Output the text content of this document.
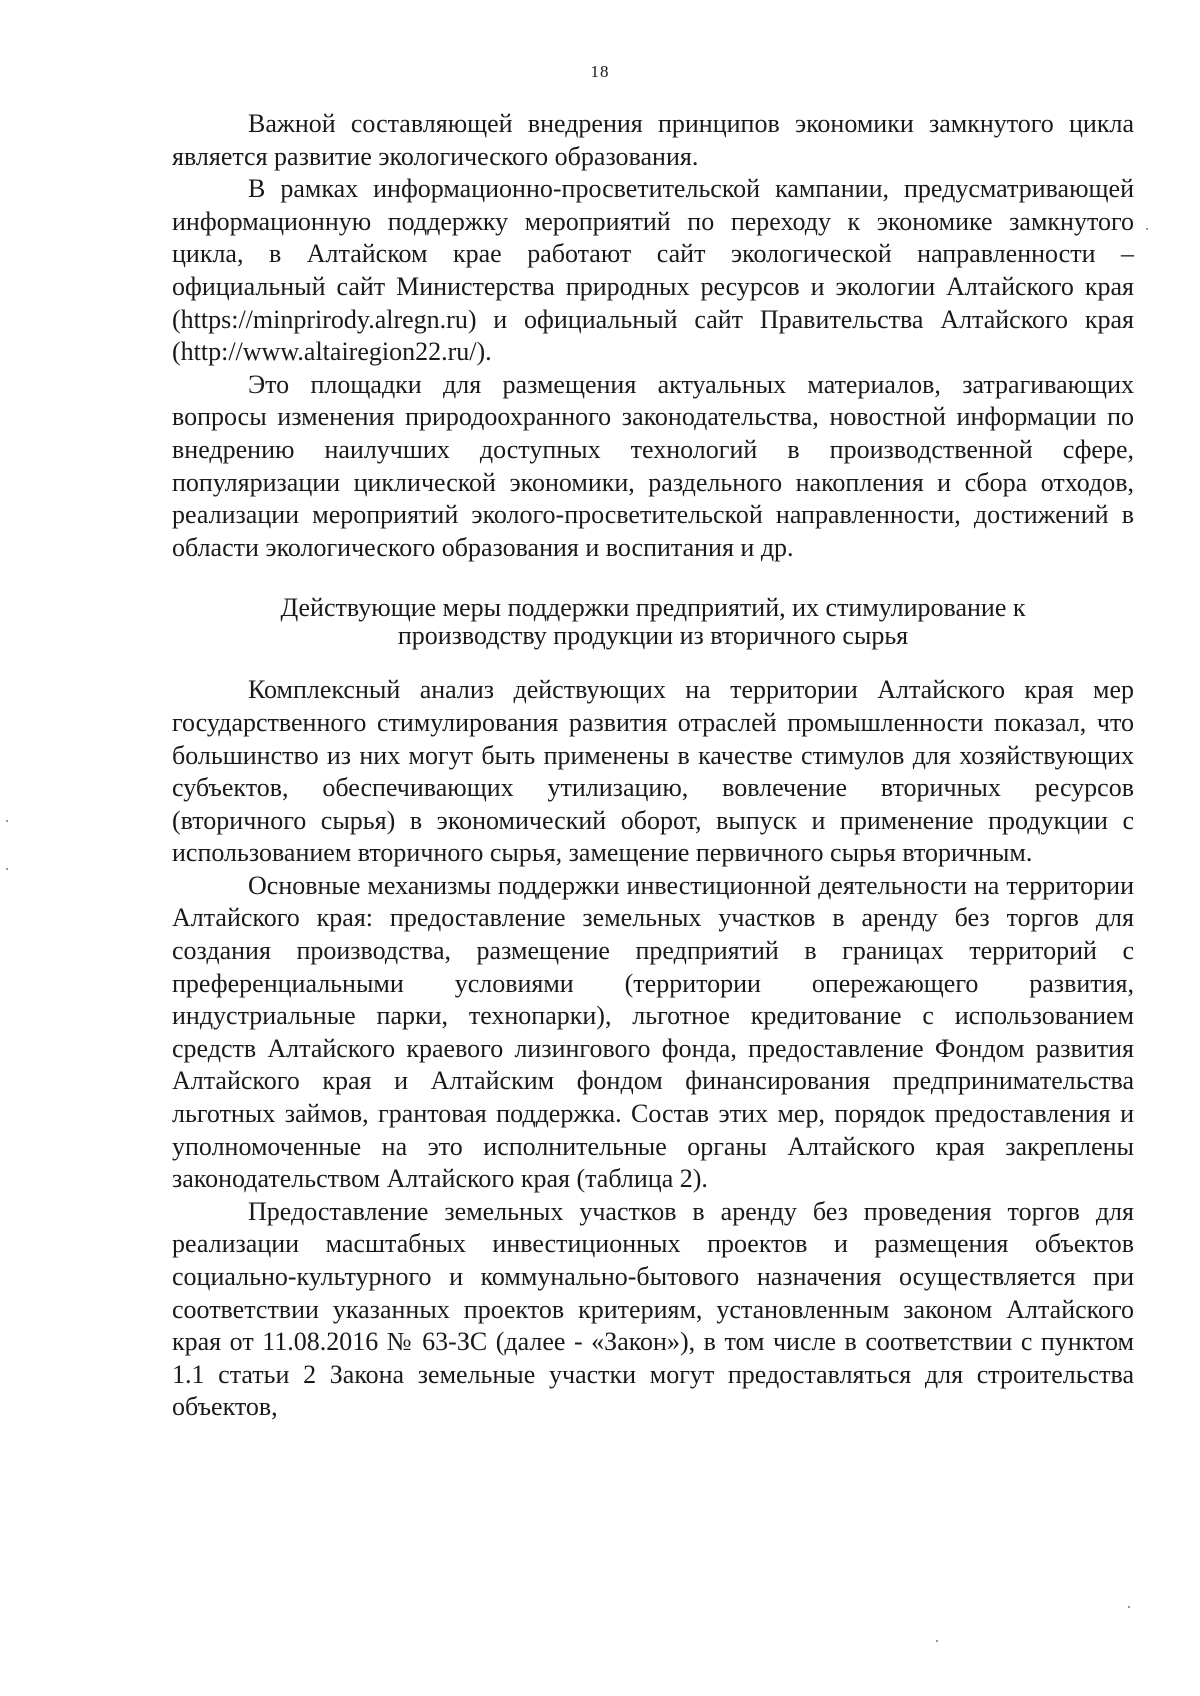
18

Важной составляющей внедрения принципов экономики замкнутого цикла является развитие экологического образования.

В рамках информационно-просветительской кампании, предусматривающей информационную поддержку мероприятий по переходу к экономике замкнутого цикла, в Алтайском крае работают сайт экологической направленности – официальный сайт Министерства природных ресурсов и экологии Алтайского края (https://minprirody.alregn.ru) и официальный сайт Правительства Алтайского края (http://www.altairegion22.ru/).

Это площадки для размещения актуальных материалов, затрагивающих вопросы изменения природоохранного законодательства, новостной информации по внедрению наилучших доступных технологий в производственной сфере, популяризации циклической экономики, раздельного накопления и сбора отходов, реализации мероприятий эколого-просветительской направленности, достижений в области экологического образования и воспитания и др.

Действующие меры поддержки предприятий, их стимулирование к
производству продукции из вторичного сырья

Комплексный анализ действующих на территории Алтайского края мер государственного стимулирования развития отраслей промышленности показал, что большинство из них могут быть применены в качестве стимулов для хозяйствующих субъектов, обеспечивающих утилизацию, вовлечение вторичных ресурсов (вторичного сырья) в экономический оборот, выпуск и применение продукции с использованием вторичного сырья, замещение первичного сырья вторичным.

Основные механизмы поддержки инвестиционной деятельности на территории Алтайского края: предоставление земельных участков в аренду без торгов для создания производства, размещение предприятий в границах территорий с преференциальными условиями (территории опережающего развития, индустриальные парки, технопарки), льготное кредитование с использованием средств Алтайского краевого лизингового фонда, предоставление Фондом развития Алтайского края и Алтайским фондом финансирования предпринимательства льготных займов, грантовая поддержка. Состав этих мер, порядок предоставления и уполномоченные на это исполнительные органы Алтайского края закреплены законодательством Алтайского края (таблица 2).

Предоставление земельных участков в аренду без проведения торгов для реализации масштабных инвестиционных проектов и размещения объектов социально-культурного и коммунально-бытового назначения осуществляется при соответствии указанных проектов критериям, установленным законом Алтайского края от 11.08.2016 № 63-ЗС (далее - «Закон»), в том числе в соответствии с пунктом 1.1 статьи 2 Закона земельные участки могут предоставляться для строительства объектов,
